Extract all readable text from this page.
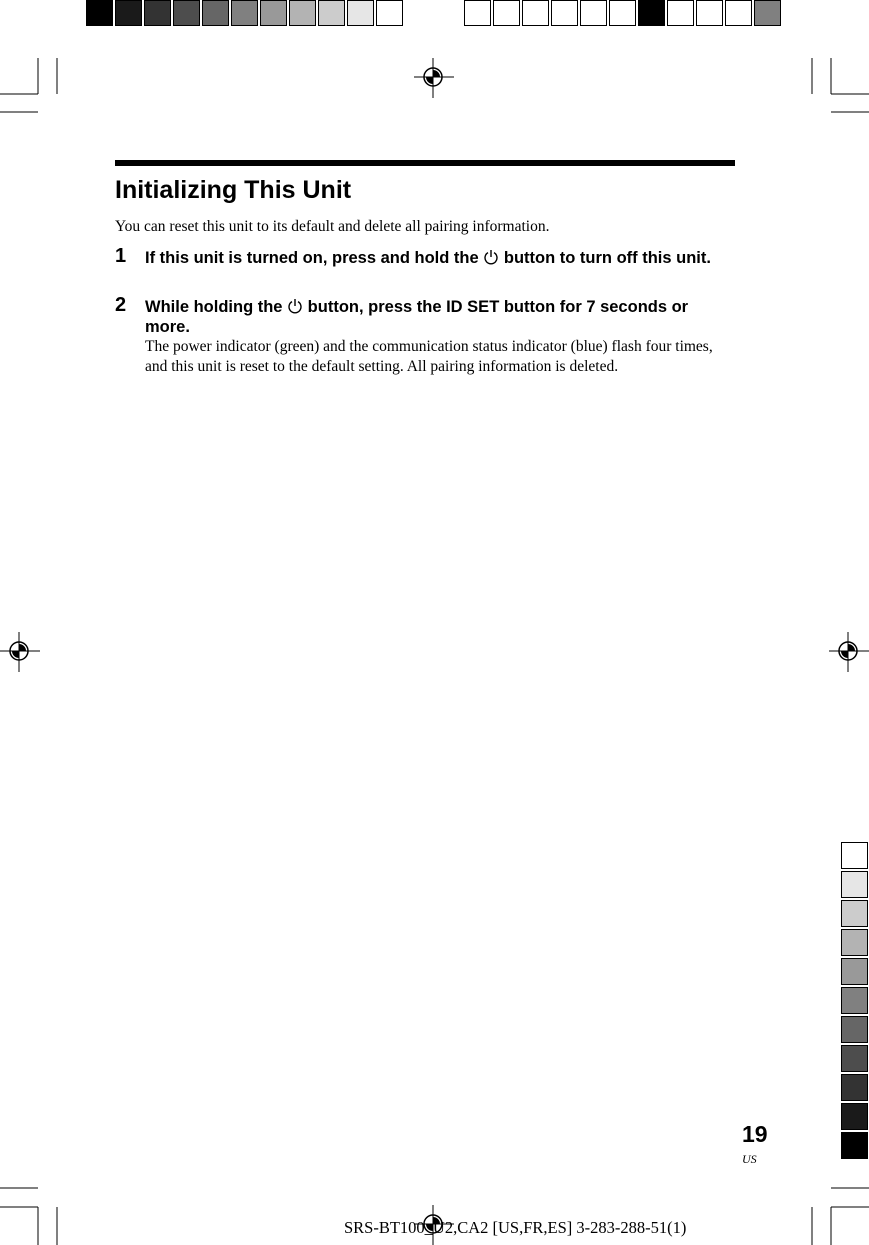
Initializing This Unit
You can reset this unit to its default and delete all pairing information.
1 If this unit is turned on, press and hold the button to turn off this unit.
2 While holding the button, press the ID SET button for 7 seconds or more.
The power indicator (green) and the communication status indicator (blue) flash four times, and this unit is reset to the default setting. All pairing information is deleted.
19
US
SRS-BT100_U2,CA2 [US,FR,ES] 3-283-288-51(1)
